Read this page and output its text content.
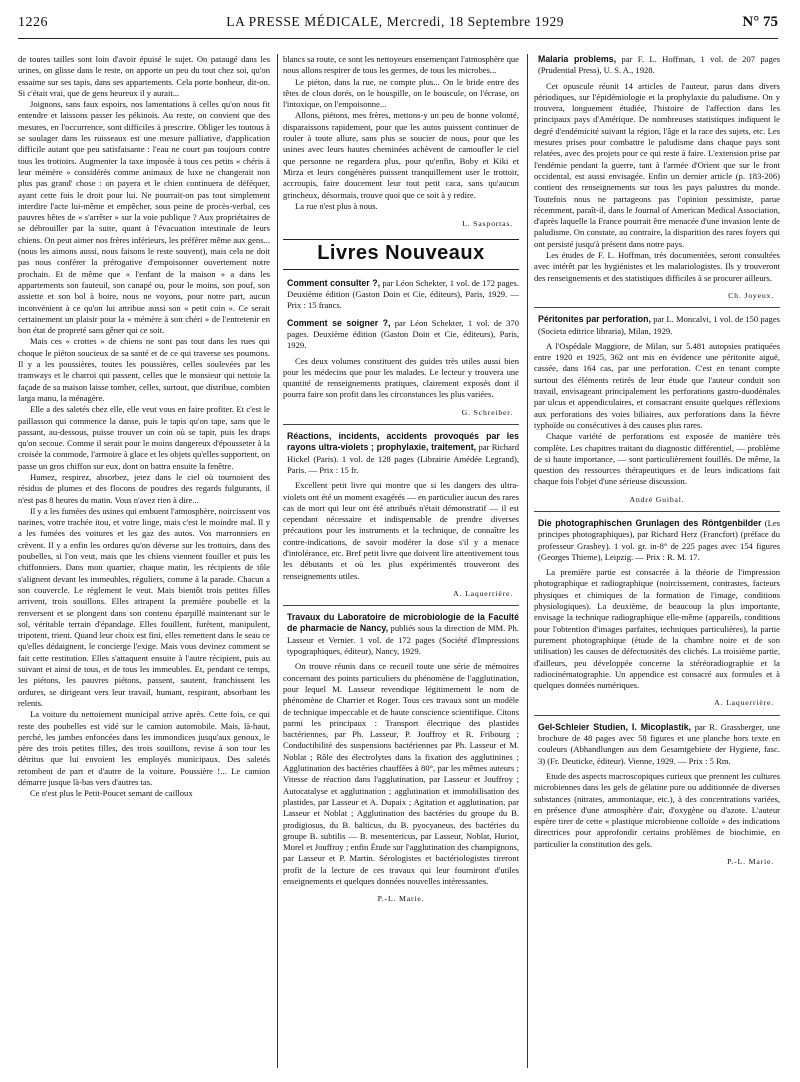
1226	LA PRESSE MÉDICALE, Mercredi, 18 Septembre 1929	N° 75

de toutes tailles sont loin d'avoir épuisé le sujet. On pataugé dans les urines, on glisse dans le reste, on apporte un peu du tout chez soi, qu'on essaime sur ses tapis, dans ses appartements. Cela porte bonheur, dit-on. Si c'était vrai, que de gens heureux il y aurait...

Joignons, sans faux espoirs, nos lamentations à celles qu'on nous fit entendre et laissons passer les pékinois. Au reste, on convient que des mesures, en l'occurrence, sont difficiles à prescrire. Obliger les toutous à se soulager dans les ruisseaux est une mesure palliative, d'application difficile autant que peu satisfaisante : l'eau ne court pas toujours contre tous les trottoirs. Augmenter la taxe imposée à tous ces petits « chéris à leur mémère » considérés comme animaux de luxe ne changerait non plus pas grand' chose : on payera et le chien continuera de déféquer, ayant cette fois le droit pour lui. Ne pourrait-on pas tout simplement interdire l'acte lui-même et empêcher, sous peine de procès-verbal, ces pauvres bêtes de « s'arrêter » sur la voie publique ? Aux propriétaires de se débrouiller par la suite, quant à l'évacuation intestinale de leurs chiens. On peut aimer nos frères inférieurs, les préférer même aux gens... (nous les aimons aussi, nous faisons le reste souvent), mais cela ne doit pas nous conférer la prérogative d'empoisonner ouvertement notre prochain. Et de même que « l'enfant de la maison » a dans les appartements son fauteuil, son canapé ou, pour le moins, son pouf, son assiette et son bol à boire, nous ne voyons, pour notre part, aucun inconvénient à ce qu'on lui attribue aussi son « petit coin ». Ce serait certainement un plaisir pour la « mémère à son chéri » de l'entretenir en bon état de propreté sans gêner qui ce soit.

Mais ces « crottes » de chiens ne sont pas tout dans les rues qui choque le piéton soucieux de sa santé et de ce qui traverse ses poumons. Il y a les poussières, toutes les poussières, celles soulevées par les tramways et le charroi qui passent, celles que le monsieur qui nettoie la façade de sa maison laisse tomber, celles, surtout, que distribue, combien larga manu, la ménagère.

Elle a des saletés chez elle, elle veut vous en faire profiter. Et c'est le paillasson qui commence la danse, puis le tapis qu'on tape, sans que le passant, au-dessous, puisse trouver un coin où se tapir, puis les draps qu'on secoue. Comme il serait pour le moins dangereux d'épousseter à la croisée la commode, l'armoire à glace et les objets qu'elles supportent, on passe un gros chiffon sur eux, dont on battra ensuite la fenêtre.

Humez, respirez, absorbez, jetez dans le ciel où tournoient des résidus de plumes et des flocons de poudres des regards fulgurants, il n'est pas 8 heures du matin. Vous n'avez rien à dire...

Il y a les fumées des usines qui embuent l'atmosphère, noircissent vos narines, votre trachée itou, et votre linge, mais c'est le moindre mal. Il y a les fumées des voitures et les gaz des autos. Vos marronniers en crèvent. Il y a enfin les ordures qu'on déverse sur les trottoirs, dans des poubelles, si l'on veut, mais que les chiens viennent fouiller et puis les chiffonniers. Dans mon quartier, chaque matin, les récipients de tôle s'alignent devant les immeubles, réguliers, comme à la parade. Chacun a son couvercle. Le règlement le veut. Mais bientôt trois petites filles arrivent, trois souillons. Elles attrapent la première poubelle et la renversent et se plongent dans son contenu éparpillé maintenant sur le sol, véritable terrain d'épandage. Elles fouillent, furètent, manipulent, tripotent, trient. Quand leur choix est fini, elles remettent dans le seau ce qu'elles dédaignent, le concierge l'exige. Mais vous devinez comment se fait cette restitution. Elles s'attaquent ensuite à l'autre récipient, puis au suivant et ainsi de tous, et de tous les immeubles. Et, pendant ce temps, les piétons, les pauvres piétons, passent, sautent, franchissent les ordures, se dirigeant vers leur travail, humant, respirant, absorbant les relents.

La voiture du nettoiement municipal arrive après. Cette fois, ce qui reste des poubelles est vidé sur le camion automobile. Mais, là-haut, perché, les jambes enfoncées dans les immondices jusqu'aux genoux, le père des trois petites filles, des trois souillons, revise à son tour les détritus que lui envoient les employés municipaux. Des saletés retombent de part et d'autre de la voiture. Poussière !... Le camion démarre jusque là-bas vers d'autres tas.

Ce n'est plus le Petit-Poucet semant de cailloux

blancs sa route, ce sont les nettoyeurs ensemençant l'atmosphère que nous allons respirer de tous les germes, de tous les microbes...

Le piéton, dans la rue, ne compte plus... On le bride entre des têtes de clous dorés, on le houspille, on le bouscule, on l'écrase, on l'intoxique, on l'empoisonne...

Allons, piétons, mes frères, mettons-y un peu de bonne volonté, disparaissons rapidement, pour que les autos puissent continuer de rouler à toute allure, sans plus se soucier de nous, pour que les usines avec leurs hautes cheminées achèvent de camoufler le ciel que personne ne regardera plus, pour qu'enfin, Boby et Kiki et Mirza et leurs congénères puissent tranquillement user le trottoir, accroupis, faire doucement leur tout petit caca, sans qu'aucun grincheux, désormais, trouve quoi que ce soit à y redire.

La rue n'est plus à nous.

L. Sasportas.

Livres Nouveaux

Comment consulter ?, par Léon Schekter, 1 vol. de 172 pages. Deuxième édition (Gaston Doin et Cie, éditeurs), Paris, 1929. — Prix : 15 francs.

Comment se soigner ?, par Léon Schekter, 1 vol. de 370 pages. Deuxième édition (Gaston Doin et Cie, éditeurs), Paris, 1929.

Ces deux volumes constituent des guides très utiles aussi bien pour les médecins que pour les malades. Le lecteur y trouvera une quantité de renseignements pratiques, clairement exposés dont il pourra faire son profit dans les circonstances les plus variées.

G. Schreiber.

Réactions, incidents, accidents provoqués par les rayons ultra-violets ; prophylaxie, traitement, par Richard Hickel (Paris). 1 vol. de 128 pages (Librairie Amédée Legrand), Paris. — Prix : 15 fr.

Excellent petit livre qui montre que si les dangers des ultra-violets ont été un moment exagérés — en particulier aucun des rares cas de mort qui leur ont été attribués n'était démonstratif — il est cependant nécessaire et indispensable de prendre diverses précautions pour les instruments et la technique, de connaître les contre-indications, de savoir modérer la dose s'il y a menace d'intolérance, etc. Bref petit livre que doivent lire attentivement tous les débutants et où les plus expérimentés trouveront des renseignements utiles.

A. Laquerrière.

Travaux du Laboratoire de microbiologie de la Faculté de pharmacie de Nancy, publiés sous la direction de MM. Ph. Lasseur et Vernier. 1 vol. de 172 pages (Société d'Impressions typographiques, éditeur), Nancy, 1929.

On trouve réunis dans ce recueil toute une série de mémoires concernant des points particuliers du phénomène de l'agglutination, pour lequel M. Lasseur revendique légitimement le nom de phénomène de Charrier et Roger. Tous ces travaux sont un modèle de technique impeccable et de haute conscience scientifique. Citons parmi les principaux : Transport électrique des plastides bactériennes, par Ph. Lasseur, P. Jouffroy et R. Fribourg ; Conductibilité des suspensions bactériennes par Ph. Lasseur et M. Noblat ; Rôle des électrolytes dans la fixation des agglutinines ; Agglutination des bactéries chauffées à 80°, par les mêmes auteurs ; Vitesse de réaction dans l'agglutination, par Lasseur et Jouffroy ; Autocatalyse et agglutination ; agglutination et immobilisation des plastides, par Lasseur et A. Dupaix ; Agitation et agglutination, par Lasseur et Noblat ; Agglutination des bactéries du groupe du B. prodigiosus, du B. balticus, du B. pyocyaneus, des bactéries du groupe B. subtilis — B. mesentericus, par Lasseur, Noblat, Huriot, Morel et Jouffroy ; enfin Étude sur l'agglutination des champignons, par Lasseur et P. Martin. Sérologistes et bactériologistes tireront profit de la lecture de ces travaux qui leur fourniront d'utiles enseignements et quelques données nouvelles intéressantes.

P.-L. Marie.

Malaria problems, par F. L. Hoffman, 1 vol. de 207 pages (Prudential Press), U. S. A., 1928.

Cet opuscule réunit 14 articles de l'auteur, parus dans divers périodiques, sur l'épidémiologie et la prophylaxie du paludisme. On y trouvera, longuement étudiée, l'histoire de l'affection dans les principaux pays d'Amérique. De nombreuses statistiques indiquent le degré d'endémicité suivant la région, l'âge et la race des sujets, etc. Les mesures prises pour combattre le paludisme dans chaque pays sont relatées, avec des projets pour ce qui reste à faire. L'extension prise par l'endémie pendant la guerre, tant à l'armée d'Orient que sur le front occidental, est aussi envisagée. Enfin un dernier article (p. 183-206) contient des renseignements sur tous les pays palustres du monde. Toutefois nous ne partageons pas l'opinion pessimiste, parue récemment, paraît-il, dans le Journal of American Medical Association, d'après laquelle la France pourrait être menacée d'une invasion lente de paludisme. On constate, au contraire, la disparition des rares foyers qui ont persisté jusqu'à présent dans notre pays.

Les études de F. L. Hoffman, très documentées, seront consultées avec intérêt par les hygiénistes et les malariologistes. Ils y trouveront des renseignements et des statistiques difficiles à se procurer ailleurs.

Ch. Joyeux.

Péritonites par perforation, par L. Moncalvi, 1 vol. de 150 pages (Societa editrice libraria), Milan, 1929.

A l'Ospédale Maggiore, de Milan, sur 5.481 autopsies pratiquées entre 1920 et 1925, 362 ont mis en évidence une péritonite aiguë, cassée, dans 164 cas, par une perforation. C'est en tenant compte surtout des éléments retirés de leur étude que l'auteur conduit son travail, envisageant principalement les perforations gastro-duodénales par ulcus et appendiculaires, et consacrant ensuite quelques réflexions aux perforations des voies biliaires, aux perforations dans la fièvre typhoïde ou consécutives à des causes plus rares.

Chaque variété de perforations est exposée de manière très complète. Les chapitres traitant du diagnostic différentiel, — problème de si haute importance, — sont particulièrement fouillés. De même, la question des ressources thérapeutiques et de leurs indications fait chaque fois l'objet d'une sérieuse discussion.

André Guibal.

Die photographischen Grunlagen des Röntgenbilder (Les principes photographiques), par Richard Herz (Francfort) (préface du professeur Grashey). 1 vol. gr. in-8° de 225 pages avec 154 figures (Georges Thieme), Leipzig. — Prix : R. M. 17.

La première partie est consacrée à la théorie de l'impression photographique et radiographique (noircissement, contrastes, facteurs physiques et chimiques de la formation de l'image, conditions physiologiques). La deuxième, de beaucoup la plus importante, envisage la technique radiographique elle-même (appareils, conditions pour l'obtention d'images parfaites, techniques particulières), la partie purement photographique (étude de la chambre noire et de son utilisation) les causes de défectuosités des clichés. La troisième partie, d'ailleurs, peu développée concerne la stéréoradiographie et la radiocinématographie. Un appendice est consacré aux formules et à quelques données numériques.

A. Laquerrière.

Gel-Schleier Studien, I. Micoplastik, par R. Grassberger, une brochure de 48 pages avec 58 figures et une planche hors texte en couleurs (Abhandlungen aus dem Gesamtgebiete der Hygiene, fasc. 3) (Fr. Deuticke, éditeur). Vienne, 1929. — Prix : 5 Rm.

Etude des aspects macroscopiques curieux que prennent les cultures microbiennes dans les gels de gélatine pure ou additionnée de diverses substances (nitrates, ammoniaque, etc.), à des concentrations variées, en présence d'une atmosphère d'air, d'oxygène ou d'azote. L'auteur espère tirer de cette « plastique microbienne colloïde » des indications directrices pour approfondir certains problèmes de biochimie, en particulier la constitution des gels.

P.-L. Marie.
